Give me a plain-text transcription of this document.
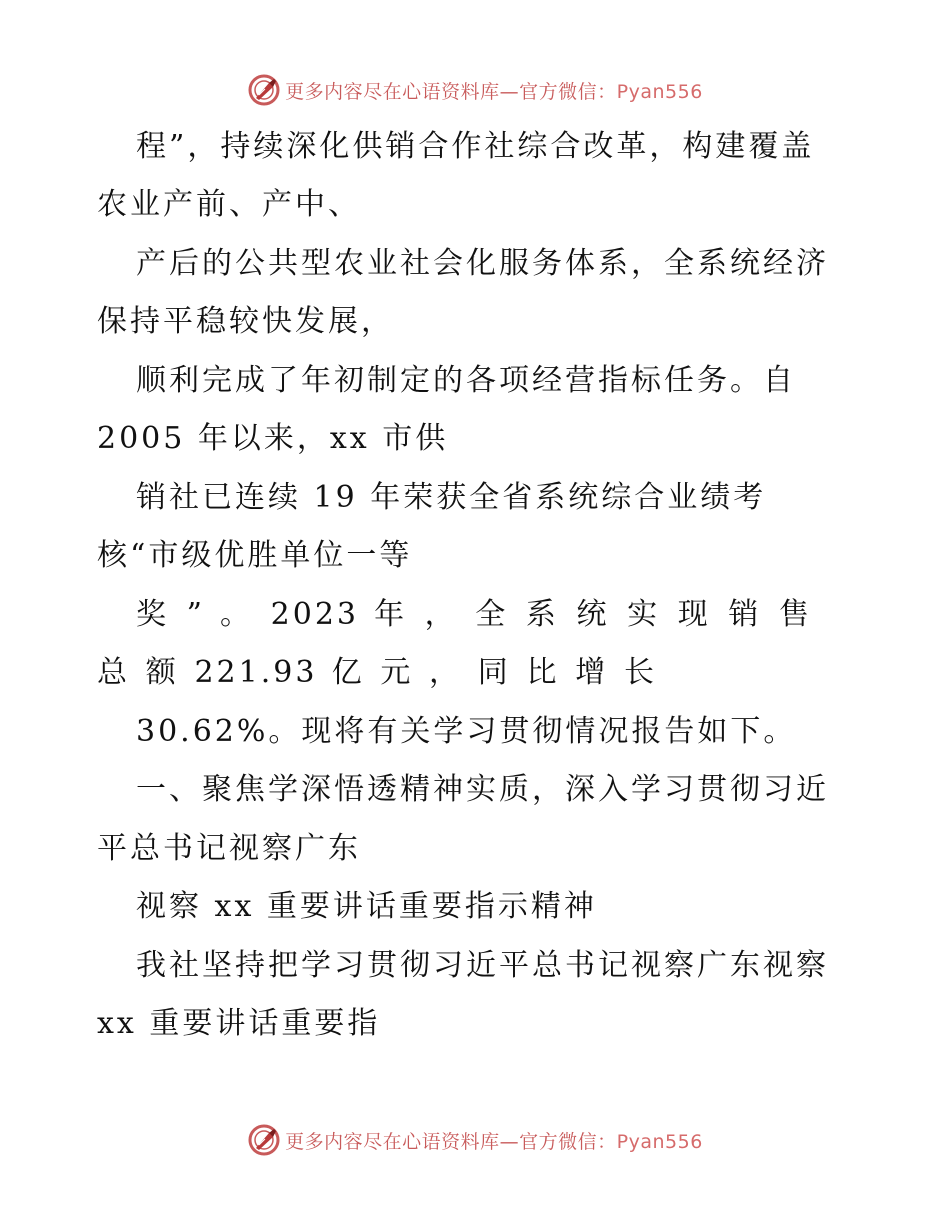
更多内容尽在心语资料库—官方微信：Pyan556
程”，持续深化供销合作社综合改革，构建覆盖
农业产前、产中、
产后的公共型农业社会化服务体系，全系统经济
保持平稳较快发展，
顺利完成了年初制定的各项经营指标任务。自
2005 年以来，xx 市供
销社已连续 19 年荣获全省系统综合业绩考
核“市级优胜单位一等
奖 ” 。 2023 年 ， 全 系 统 实 现 销 售
总 额 221.93 亿 元 ， 同 比 增 长
30.62%。现将有关学习贯彻情况报告如下。
一、聚焦学深悟透精神实质，深入学习贯彻习近
平总书记视察广东
视察 xx 重要讲话重要指示精神
我社坚持把学习贯彻习近平总书记视察广东视察
xx 重要讲话重要指
更多内容尽在心语资料库—官方微信：Pyan556
